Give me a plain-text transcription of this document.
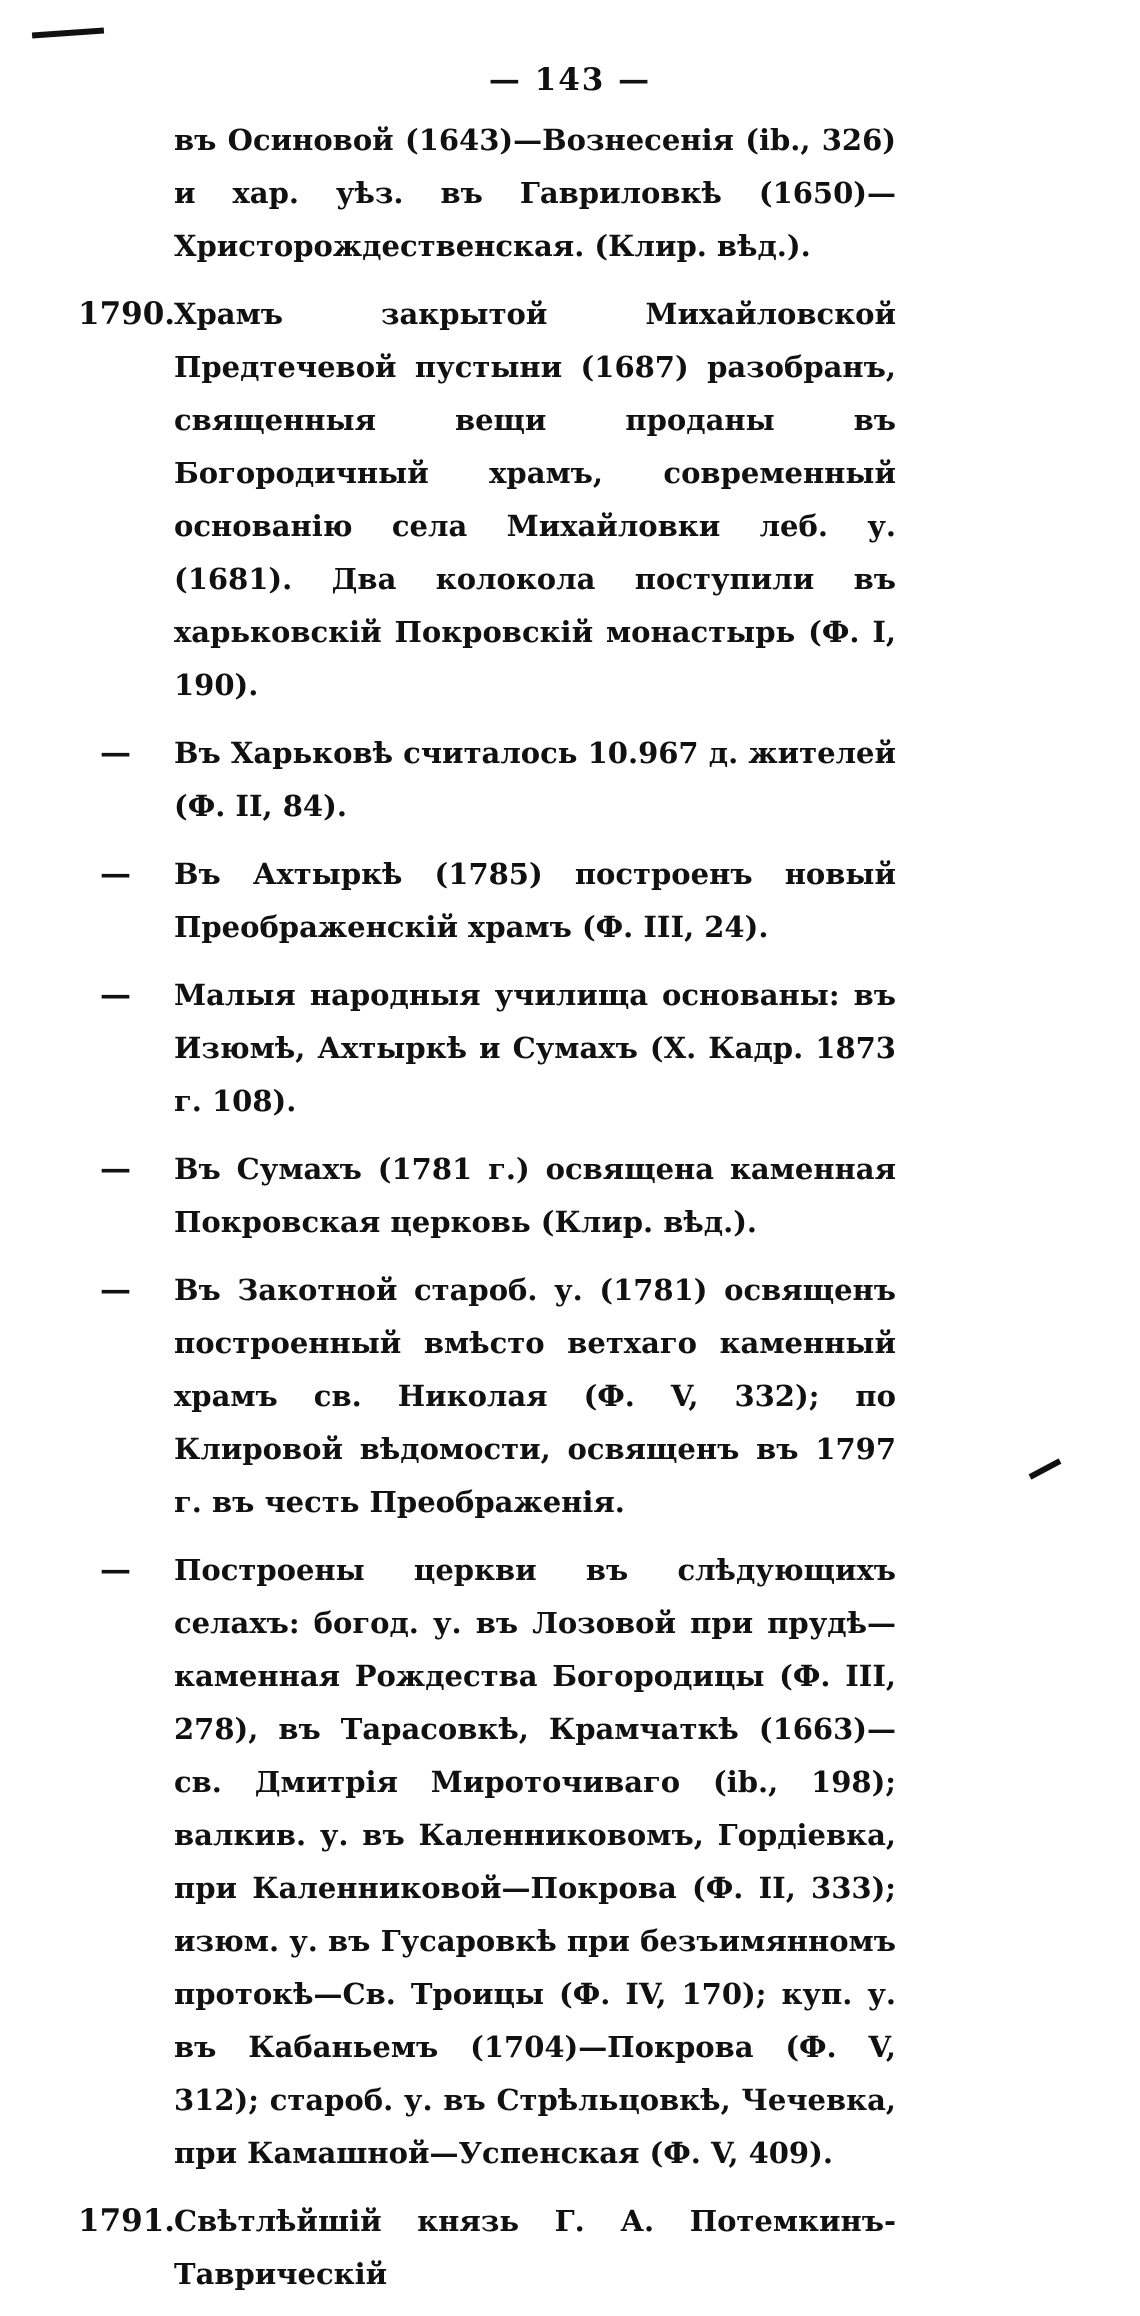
— 143 —
въ Осиновой (1643)—Вознесенія (ib., 326) и хар. уѣз. въ Гавриловкѣ (1650)—Христорождественская. (Клир. вѣд.).
1790.
Храмъ закрытой Михайловской Предтечевой пустыни (1687) разобранъ, священныя вещи проданы въ Богородичный храмъ, современный основанію села Михайловки леб. у. (1681). Два колокола поступили въ харьковскій Покровскій монастырь (Ф. I, 190).
—	Въ Харьковѣ считалось 10.967 д. жителей (Ф. II, 84).
—	Въ Ахтыркѣ (1785) построенъ новый Преображенскій храмъ (Ф. III, 24).
—	Малыя народныя училища основаны: въ Изюмѣ, Ахтыркѣ и Сумахъ (X. Кадр. 1873 г. 108).
—	Въ Сумахъ (1781 г.) освящена каменная Покровская церковь (Клир. вѣд.).
—	Въ Закотной староб. у. (1781) освященъ построенный вмѣсто ветхаго каменный храмъ св. Николая (Ф. V, 332); по Клировой вѣдомости, освященъ въ 1797 г. въ честь Преображенія.
—	Построены церкви въ слѣдующихъ селахъ: богод. у. въ Лозовой при прудѣ—каменная Рождества Богородицы (Ф. III, 278), въ Тарасовкѣ, Крамчаткѣ (1663)—св. Дмитрія Мироточиваго (ib., 198); валкив. у. въ Каленниковомъ, Гордіевка, при Каленниковой—Покрова (Ф. II, 333); изюм. у. въ Гусаровкѣ при безъимянномъ протокѣ—Св. Троицы (Ф. IV, 170); куп. у. въ Кабаньемъ (1704)—Покрова (Ф. V, 312); староб. у. въ Стрѣльцовкѣ, Чечевка, при Камашной—Успенская (Ф. V, 409).
1791.
Свѣтлѣйшій князь Г. А. Потемкинъ-Таврическій
